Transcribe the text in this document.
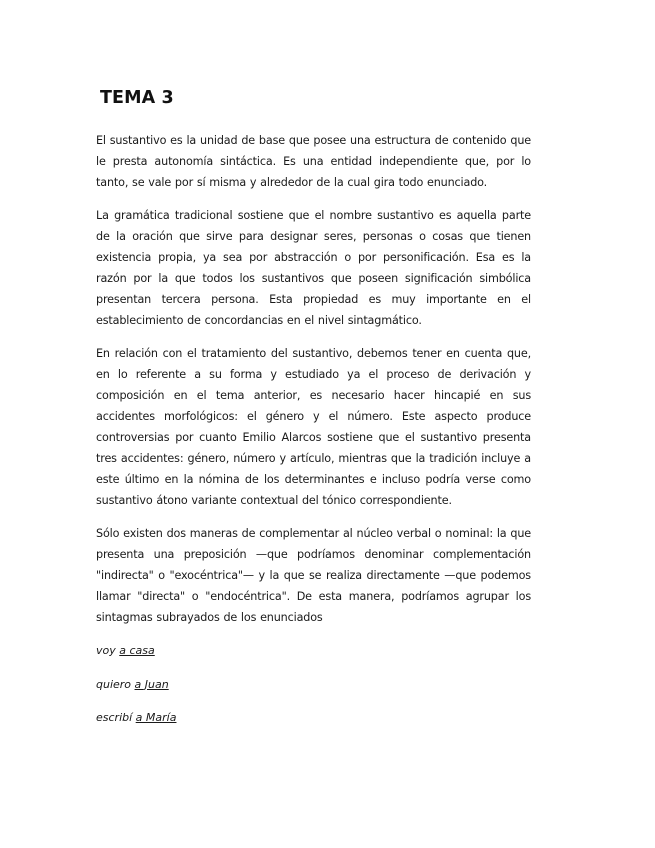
TEMA 3

El sustantivo es la unidad de base que posee una estructura de contenido que le presta autonomía sintáctica. Es una entidad independiente que, por lo tanto, se vale por sí misma y alrededor de la cual gira todo enunciado.

La gramática tradicional sostiene que el nombre sustantivo es aquella parte de la oración que sirve para designar seres, personas o cosas que tienen existencia propia, ya sea por abstracción o por personificación. Esa es la razón por la que todos los sustantivos que poseen significación simbólica presentan tercera persona. Esta propiedad es muy importante en el establecimiento de concordancias en el nivel sintagmático.

En relación con el tratamiento del sustantivo, debemos tener en cuenta que, en lo referente a su forma y estudiado ya el proceso de derivación y composición en el tema anterior, es necesario hacer hincapié en sus accidentes morfológicos: el género y el número. Este aspecto produce controversias por cuanto Emilio Alarcos sostiene que el sustantivo presenta tres accidentes: género, número y artículo, mientras que la tradición incluye a este último en la nómina de los determinantes e incluso podría verse como sustantivo átono variante contextual del tónico correspondiente.

Sólo existen dos maneras de complementar al núcleo verbal o nominal: la que presenta una preposición —que podríamos denominar complementación "indirecta" o "exocéntrica"— y la que se realiza directamente —que podemos llamar "directa" o "endocéntrica". De esta manera, podríamos agrupar los sintagmas subrayados de los enunciados

voy a casa

quiero a Juan

escribí a María
